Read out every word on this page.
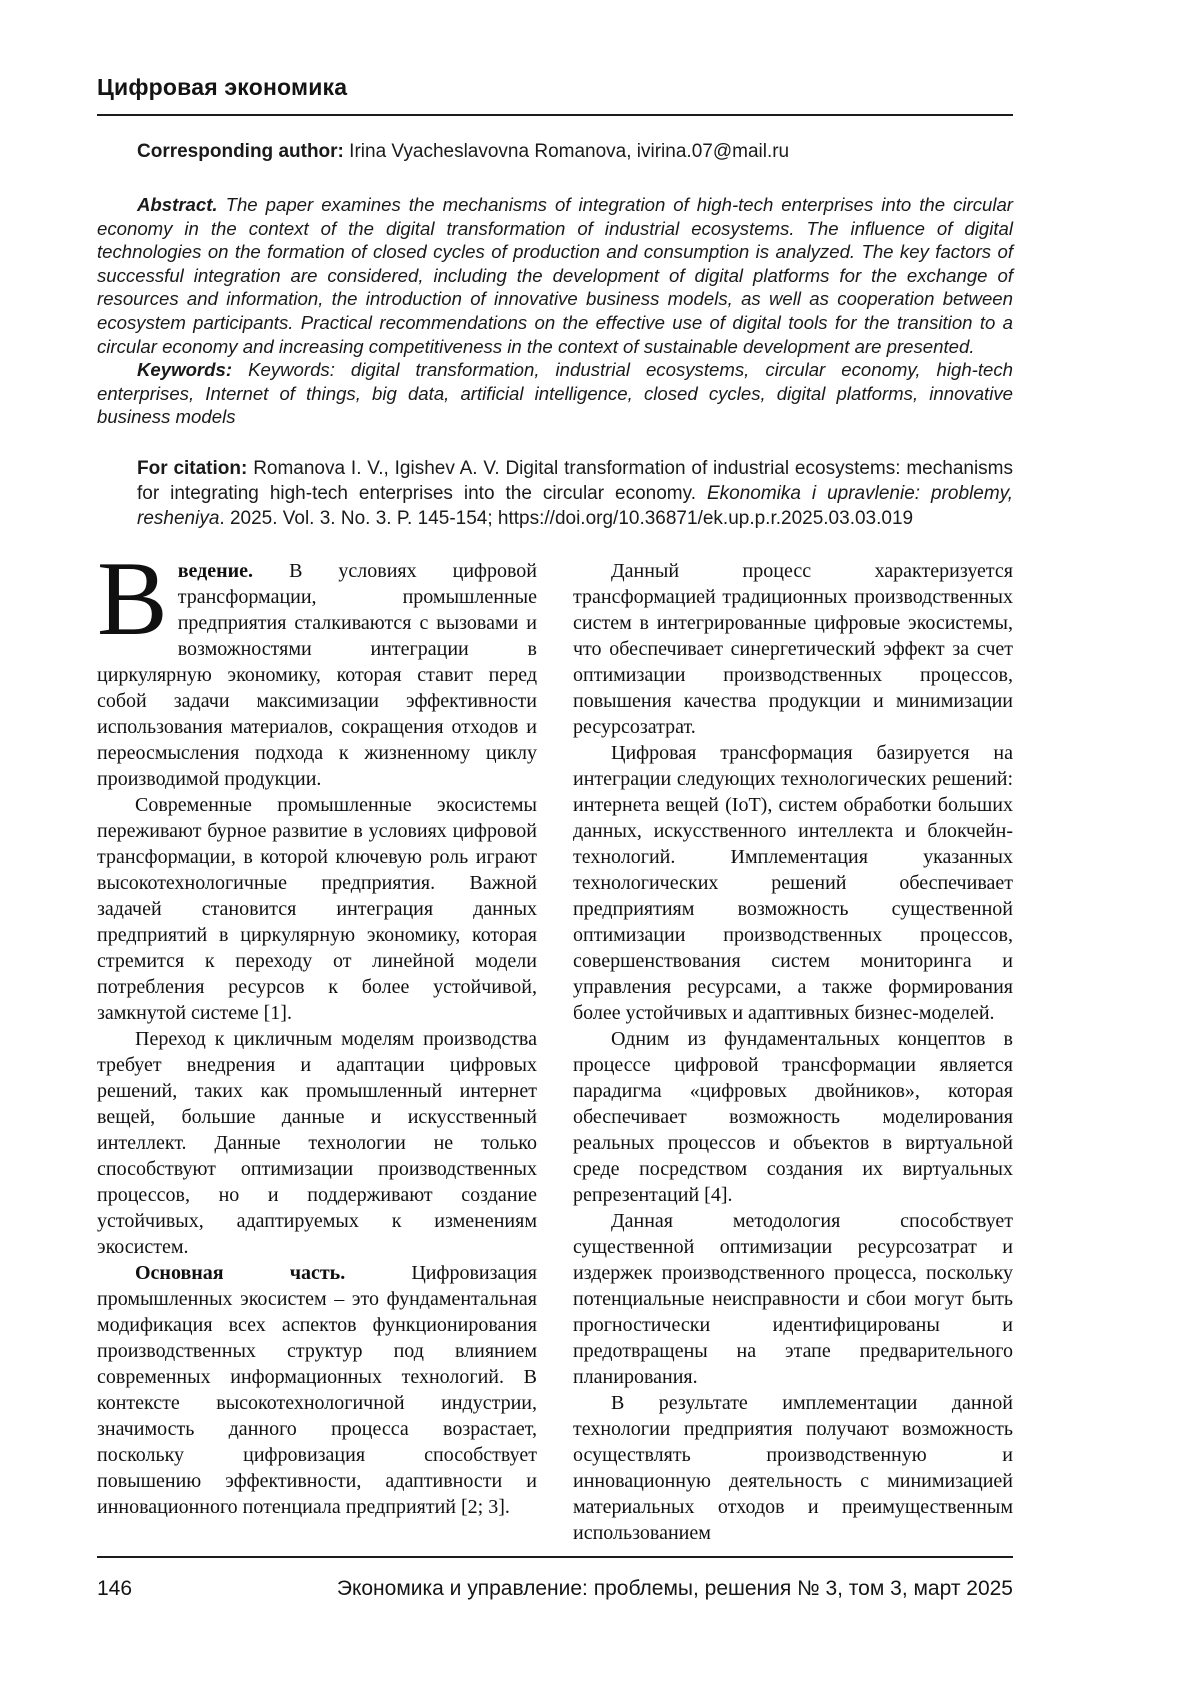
Цифровая экономика

Corresponding author: Irina Vyacheslavovna Romanova, ivirina.07@mail.ru

Abstract. The paper examines the mechanisms of integration of high-tech enterprises into the circular economy in the context of the digital transformation of industrial ecosystems. The influence of digital technologies on the formation of closed cycles of production and consumption is analyzed. The key factors of successful integration are considered, including the development of digital platforms for the exchange of resources and information, the introduction of innovative business models, as well as cooperation between ecosystem participants. Practical recommendations on the effective use of digital tools for the transition to a circular economy and increasing competitiveness in the context of sustainable development are presented.

Keywords: Keywords: digital transformation, industrial ecosystems, circular economy, high-tech enterprises, Internet of things, big data, artificial intelligence, closed cycles, digital platforms, innovative business models

For citation: Romanova I. V., Igishev A. V. Digital transformation of industrial ecosystems: mechanisms for integrating high-tech enterprises into the circular economy. Ekonomika i upravlenie: problemy, resheniya. 2025. Vol. 3. No. 3. P. 145-154; https://doi.org/10.36871/ek.up.p.r.2025.03.03.019

Введение. В условиях цифровой трансформации, промышленные предприятия сталкиваются с вызовами и возможностями интеграции в циркулярную экономику, которая ставит перед собой задачи максимизации эффективности использования материалов, сокращения отходов и переосмысления подхода к жизненному циклу производимой продукции.

Современные промышленные экосистемы переживают бурное развитие в условиях цифровой трансформации, в которой ключевую роль играют высокотехнологичные предприятия. Важной задачей становится интеграция данных предприятий в циркулярную экономику, которая стремится к переходу от линейной модели потребления ресурсов к более устойчивой, замкнутой системе [1].

Переход к цикличным моделям производства требует внедрения и адаптации цифровых решений, таких как промышленный интернет вещей, большие данные и искусственный интеллект. Данные технологии не только способствуют оптимизации производственных процессов, но и поддерживают создание устойчивых, адаптируемых к изменениям экосистем.

Основная часть.	Цифровизация промышленных экосистем – это фундаментальная модификация всех аспектов функционирования производственных структур под влиянием современных информационных технологий. В контексте высокотехнологичной индустрии, значимость данного процесса возрастает, поскольку цифровизация способствует повышению эффективности, адаптивности и инновационного потенциала предприятий [2; 3].

Данный процесс характеризуется трансформацией традиционных производственных систем в интегрированные цифровые экосистемы, что обеспечивает синергетический эффект за счет оптимизации производственных процессов, повышения качества продукции и минимизации ресурсозатрат.

Цифровая трансформация базируется на интеграции следующих технологических решений: интернета вещей (IoT), систем обработки больших данных, искусственного интеллекта и блокчейн-технологий. Имплементация указанных технологических решений обеспечивает предприятиям возможность существенной оптимизации производственных процессов, совершенствования систем мониторинга и управления ресурсами, а также формирования более устойчивых и адаптивных бизнес-моделей.

Одним из фундаментальных концептов в процессе цифровой трансформации является парадигма «цифровых двойников», которая обеспечивает возможность моделирования реальных процессов и объектов в виртуальной среде посредством создания их виртуальных репрезентаций [4].

Данная методология способствует существенной оптимизации ресурсозатрат и издержек производственного процесса, поскольку потенциальные неисправности и сбои могут быть прогностически идентифицированы и предотвращены на этапе предварительного планирования.

В результате имплементации данной технологии предприятия получают возможность осуществлять производственную и инновационную деятельность с минимизацией материальных отходов и преимущественным использованием

146	Экономика и управление: проблемы, решения № 3, том 3, март 2025
